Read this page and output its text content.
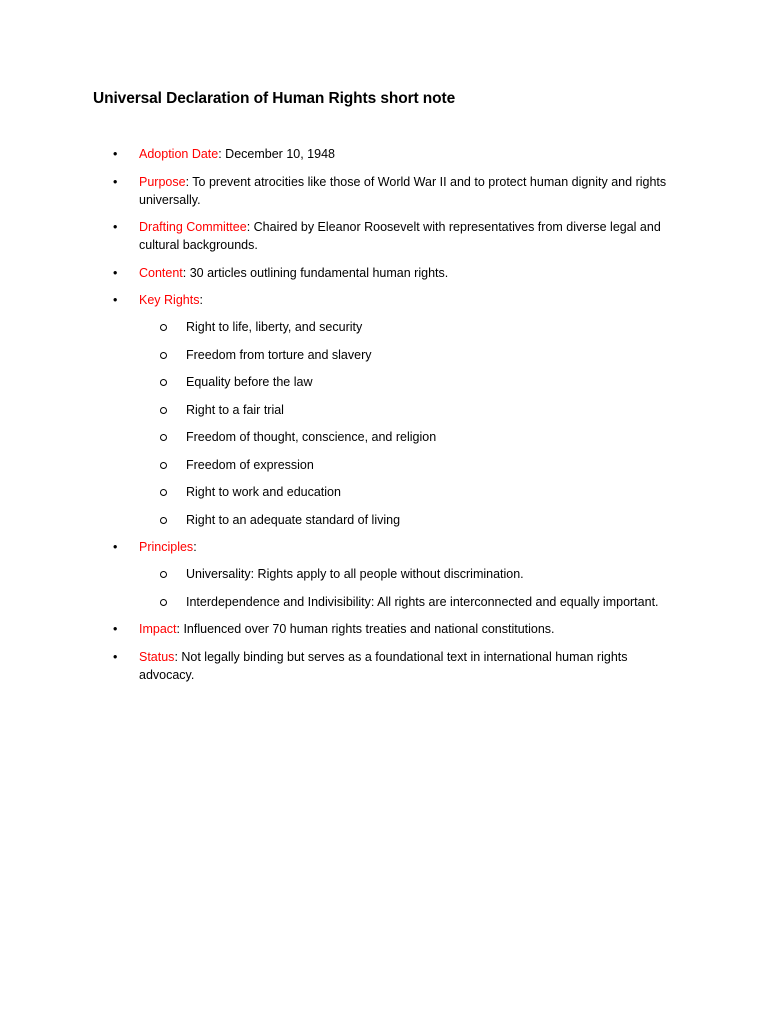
Universal Declaration of Human Rights short note
• Adoption Date: December 10, 1948
• Purpose: To prevent atrocities like those of World War II and to protect human dignity and rights universally.
• Drafting Committee: Chaired by Eleanor Roosevelt with representatives from diverse legal and cultural backgrounds.
• Content: 30 articles outlining fundamental human rights.
• Key Rights:
Right to life, liberty, and security
Freedom from torture and slavery
Equality before the law
Right to a fair trial
Freedom of thought, conscience, and religion
Freedom of expression
Right to work and education
Right to an adequate standard of living
• Principles:
Universality: Rights apply to all people without discrimination.
Interdependence and Indivisibility: All rights are interconnected and equally important.
• Impact: Influenced over 70 human rights treaties and national constitutions.
• Status: Not legally binding but serves as a foundational text in international human rights advocacy.
